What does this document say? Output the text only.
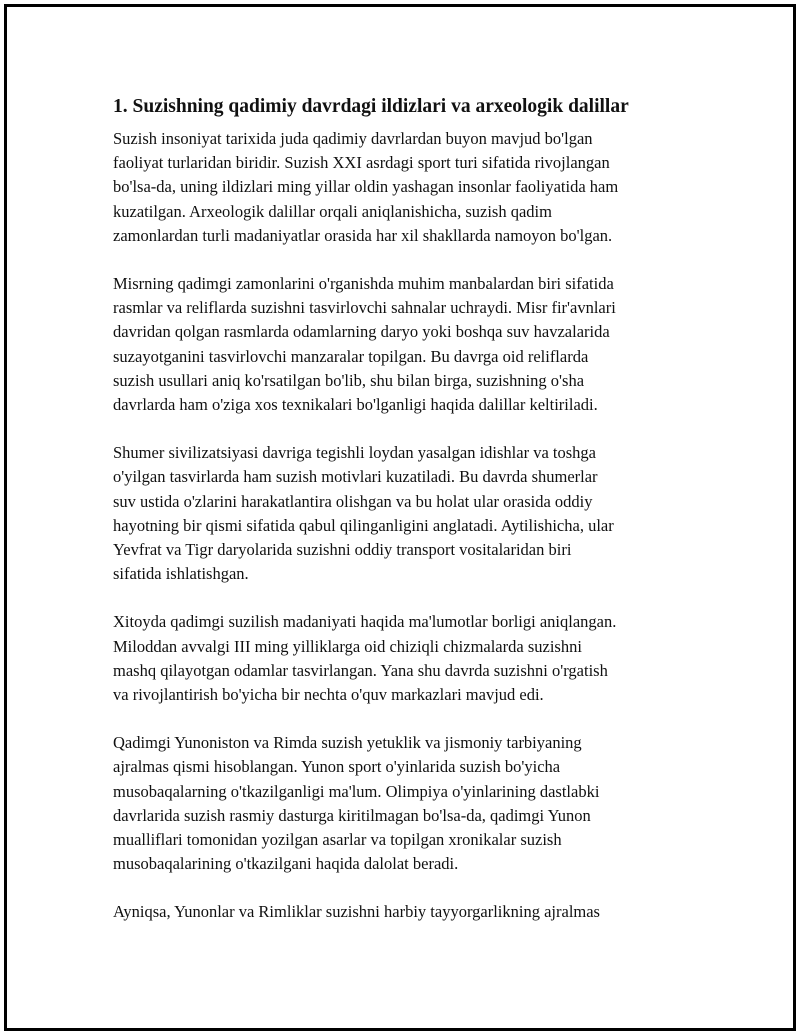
1. Suzishning qadimiy davrdagi ildizlari va arxeologik dalillar
Suzish insoniyat tarixida juda qadimiy davrlardan buyon mavjud bo'lgan
faoliyat turlaridan biridir. Suzish XXI asrdagi sport turi sifatida rivojlangan
bo'lsa-da, uning ildizlari ming yillar oldin yashagan insonlar faoliyatida ham
kuzatilgan. Arxeologik dalillar orqali aniqlanishicha, suzish qadim
zamonlardan turli madaniyatlar orasida har xil shakllarda namoyon bo'lgan.
Misrning qadimgi zamonlarini o'rganishda muhim manbalardan biri sifatida
rasmlar va reliflarda suzishni tasvirlovchi sahnalar uchraydi. Misr fir'avnlari
davridan qolgan rasmlarda odamlarning daryo yoki boshqa suv havzalarida
suzayotganini tasvirlovchi manzaralar topilgan. Bu davrga oid reliflarda
suzish usullari aniq ko'rsatilgan bo'lib, shu bilan birga, suzishning o'sha
davrlarda ham o'ziga xos texnikalari bo'lganligi haqida dalillar keltiriladi.
Shumer sivilizatsiyasi davriga tegishli loydan yasalgan idishlar va toshga
o'yilgan tasvirlarda ham suzish motivlari kuzatiladi. Bu davrda shumerlar
suv ustida o'zlarini harakatlantira olishgan va bu holat ular orasida oddiy
hayotning bir qismi sifatida qabul qilinganligini anglatadi. Aytilishicha, ular
Yevfrat va Tigr daryolarida suzishni oddiy transport vositalaridan biri
sifatida ishlatishgan.
Xitoyda qadimgi suzilish madaniyati haqida ma'lumotlar borligi aniqlangan.
Miloddan avvalgi III ming yilliklarga oid chiziqli chizmalarda suzishni
mashq qilayotgan odamlar tasvirlangan. Yana shu davrda suzishni o'rgatish
va rivojlantirish bo'yicha bir nechta o'quv markazlari mavjud edi.
Qadimgi Yunoniston va Rimda suzish yetuklik va jismoniy tarbiyaning
ajralmas qismi hisoblangan. Yunon sport o'yinlarida suzish bo'yicha
musobaqalarning o'tkazilganligi ma'lum. Olimpiya o'yinlarining dastlabki
davrlarida suzish rasmiy dasturga kiritilmagan bo'lsa-da, qadimgi Yunon
mualliflari tomonidan yozilgan asarlar va topilgan xronikalar suzish
musobaqalarining o'tkazilgani haqida dalolat beradi.
Ayniqsa, Yunonlar va Rimliklar suzishni harbiy tayyorgarlikning ajralmas
